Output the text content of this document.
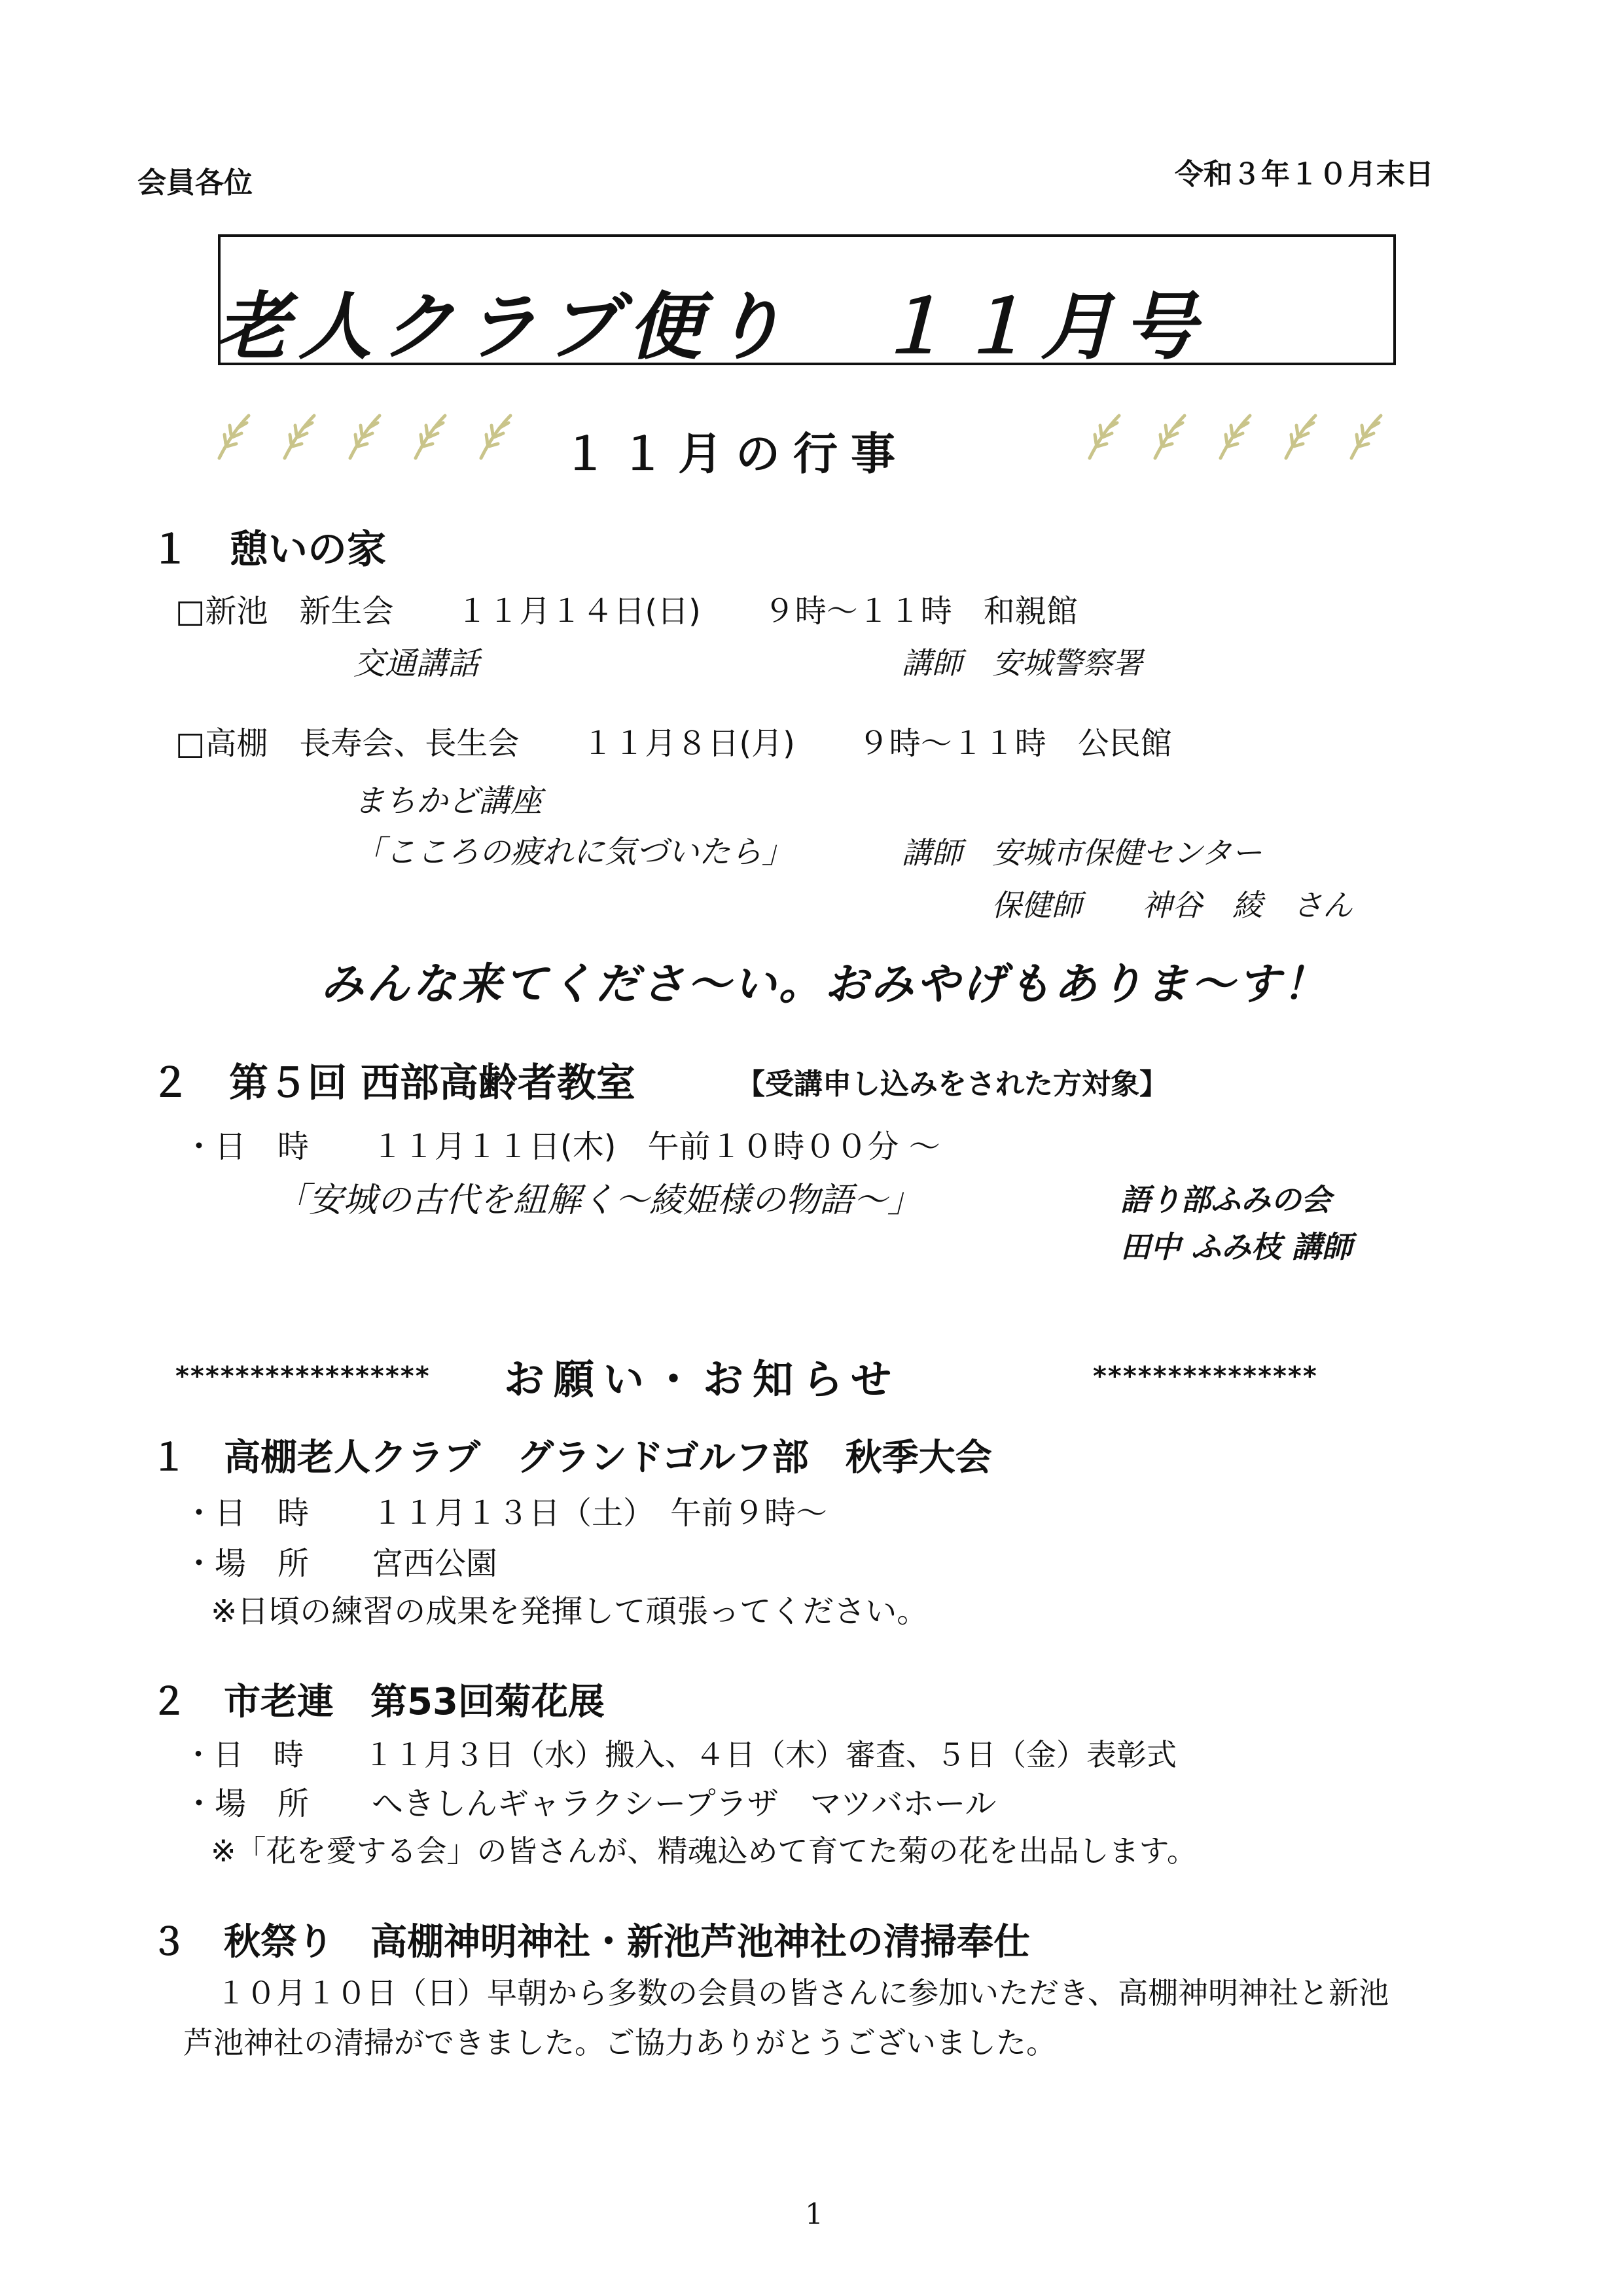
会員各位	令和３年１０月末日
老人クラブ便り　１１月号
１１月の行事
１　憩いの家
□新池　新生会　　１１月１４日(日)　　９時～１１時　和親館
交通講話	講師　安城警察署
□高棚　長寿会、長生会　　１１月８日(月)　　９時～１１時　公民館
まちかど講座
「こころの疲れに気づいたら」	講師　安城市保健センター
保健師　　神谷　綾　さん
みんな来てくださ～い。おみやげもありま～す！
２　第５回 西部高齢者教室	【受講申し込みをされた方対象】
・日　時　　１１月１１日(木)　午前１０時００分 ～
「安城の古代を紐解く～綾姫様の物語～」	語り部ふみの会
田中 ふみ枝 講師
***************** お願い・お知らせ	***************
１　高棚老人クラブ　グランドゴルフ部　秋季大会
・日　時　　１１月１３日（土）　午前９時～
・場　所　　宮西公園
※日頃の練習の成果を発揮して頑張ってください。
２　市老連　第53回菊花展
・日　時　　１１月３日（水）搬入、４日（木）審査、５日（金）表彰式
・場　所　　へきしんギャラクシープラザ　マツバホール
※「花を愛する会」の皆さんが、精魂込めて育てた菊の花を出品します。
３　秋祭り　高棚神明神社・新池芦池神社の清掃奉仕
１０月１０日（日）早朝から多数の会員の皆さんに参加いただき、高棚神明神社と新池
芦池神社の清掃ができました。ご協力ありがとうございました。
1
